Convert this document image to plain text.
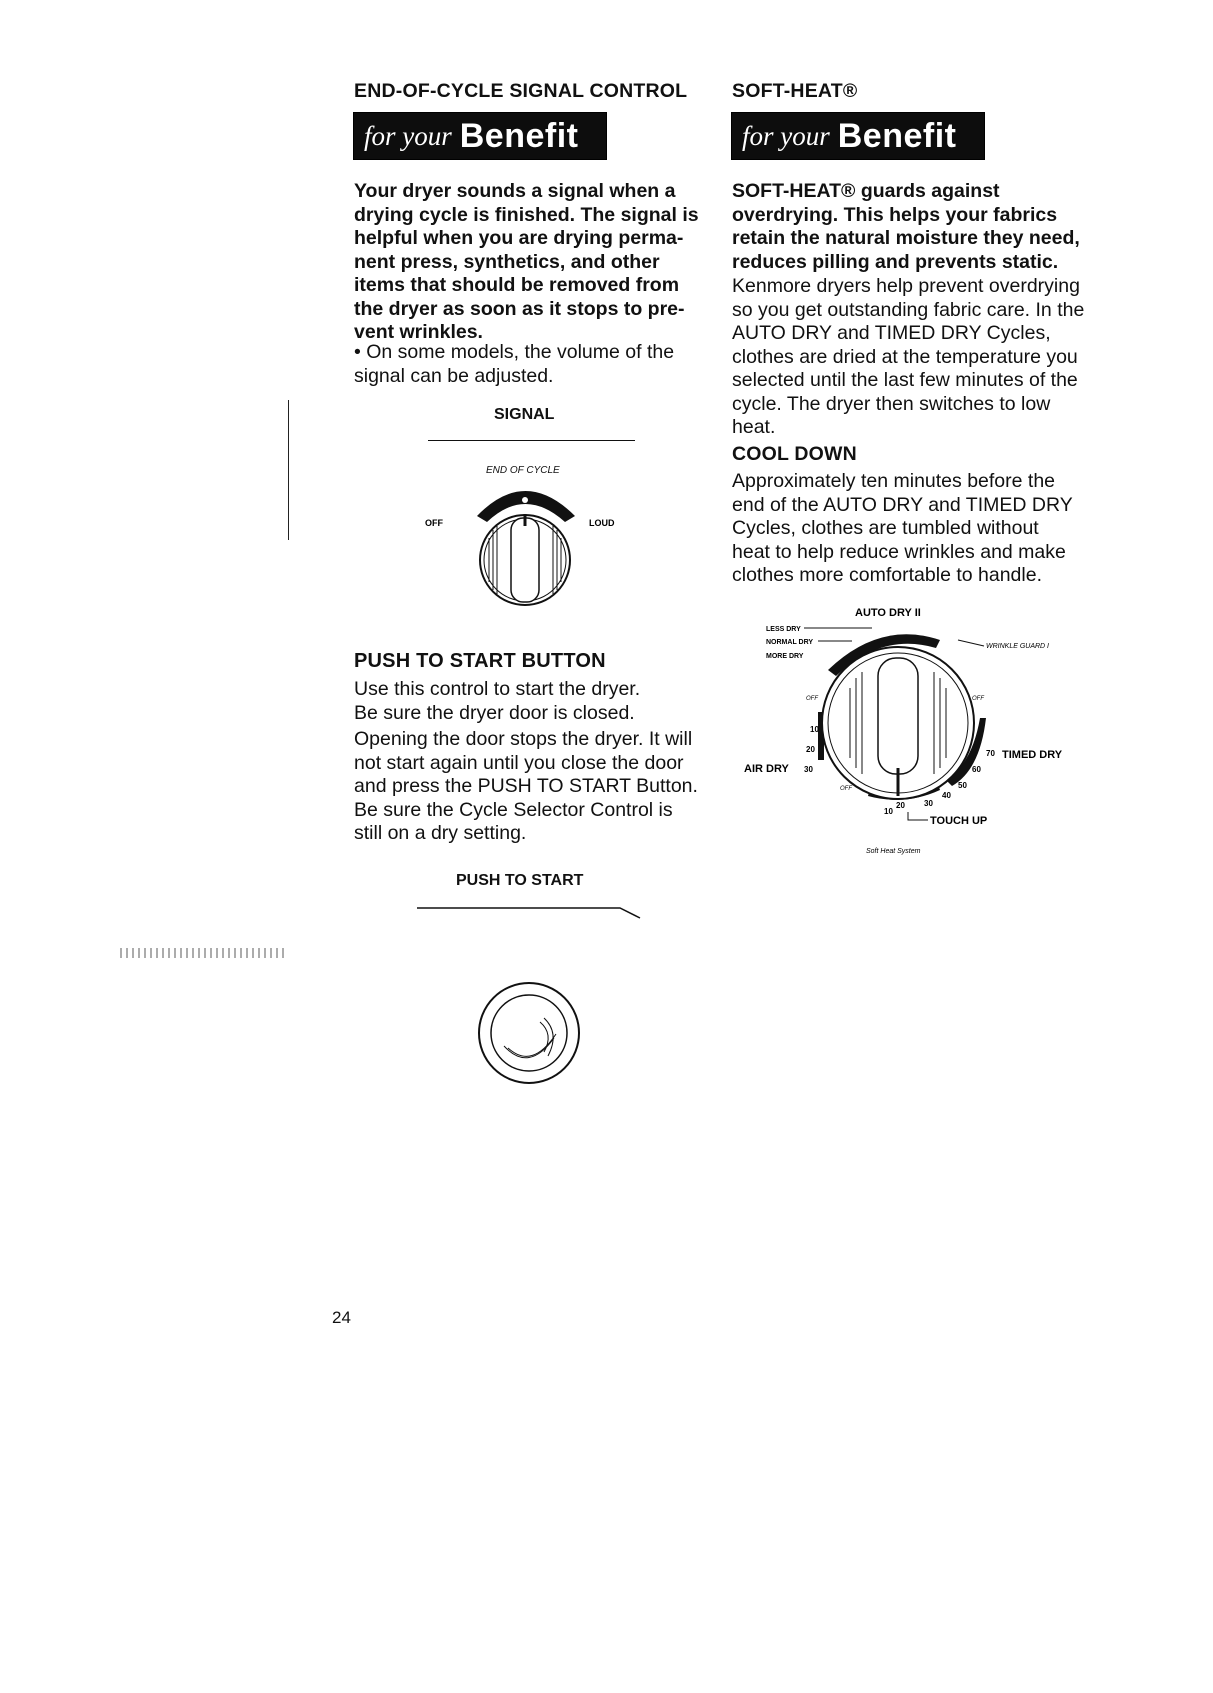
END-OF-CYCLE SIGNAL CONTROL
for your Benefit

Your dryer sounds a signal when a drying cycle is finished. The signal is helpful when you are drying perma- nent press, synthetics, and other items that should be removed from the dryer as soon as it stops to pre- vent wrinkles.

• On some models, the volume of the signal can be adjusted.

SIGNAL
END OF CYCLE
OFF	LOUD
PUSH TO START BUTTON

Use this control to start the dryer. Be sure the dryer door is closed.

Opening the door stops the dryer. It will not start again until you close the door and press the PUSH TO START Button. Be sure the Cycle Selector Control is still on a dry setting.

PUSH TO START
SOFT-HEAT®
for your Benefit

SOFT-HEAT® guards against overdrying. This helps your fabrics retain the natural moisture they need, reduces pilling and prevents static.

Kenmore dryers help prevent overdrying so you get outstanding fabric care. In the AUTO DRY and TIMED DRY Cycles, clothes are dried at the temperature you selected until the last few minutes of the cycle. The dryer then switches to low heat.

COOL DOWN

Approximately ten minutes before the end of the AUTO DRY and TIMED DRY Cycles, clothes are tumbled without heat to help reduce wrinkles and make clothes more comfortable to handle.

AUTO DRY II
LESS DRY
NORMAL DRY
MORE DRY
WRINKLE GUARD I
OFF	OFF
OFF
10
20
30
AIR DRY
70
60
50
40
30
20
10
TIMED DRY
TOUCH UP
Soft Heat System
24
